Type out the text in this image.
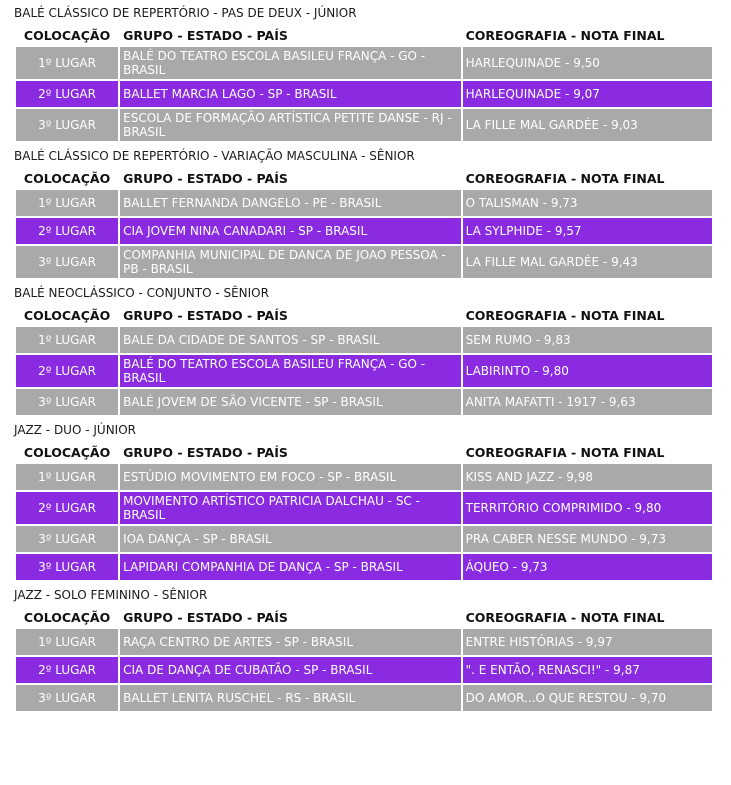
BALÉ CLÁSSICO DE REPERTÓRIO - PAS DE DEUX - JÚNIOR
COLOCAÇÃO	GRUPO - ESTADO - PAÍS	COREOGRAFIA - NOTA FINAL
1º LUGAR	BALÉ DO TEATRO ESCOLA BASILEU FRANÇA - GO - BRASIL	HARLEQUINADE - 9,50
2º LUGAR	BALLET MARCIA LAGO - SP - BRASIL	HARLEQUINADE - 9,07
3º LUGAR	ESCOLA DE FORMAÇÃO ARTÍSTICA PETITE DANSE - RJ - BRASIL	LA FILLE MAL GARDÉE - 9,03
BALÉ CLÁSSICO DE REPERTÓRIO - VARIAÇÃO MASCULINA - SÊNIOR
COLOCAÇÃO	GRUPO - ESTADO - PAÍS	COREOGRAFIA - NOTA FINAL
1º LUGAR	BALLET FERNANDA DANGELO - PE - BRASIL	O TALISMAN - 9,73
2º LUGAR	CIA JOVEM NINA CANADARI - SP - BRASIL	LA SYLPHIDE - 9,57
3º LUGAR	COMPANHIA MUNICIPAL DE DANCA DE JOAO PESSOA - PB - BRASIL	LA FILLE MAL GARDÉE - 9,43
BALÉ NEOCLÁSSICO - CONJUNTO - SÊNIOR
COLOCAÇÃO	GRUPO - ESTADO - PAÍS	COREOGRAFIA - NOTA FINAL
1º LUGAR	BALE DA CIDADE DE SANTOS - SP - BRASIL	SEM RUMO - 9,83
2º LUGAR	BALÉ DO TEATRO ESCOLA BASILEU FRANÇA - GO - BRASIL	LABIRINTO - 9,80
3º LUGAR	BALÉ JOVEM DE SÃO VICENTE - SP - BRASIL	ANITA MAFATTI - 1917 - 9,63
JAZZ - DUO - JÚNIOR
COLOCAÇÃO	GRUPO - ESTADO - PAÍS	COREOGRAFIA - NOTA FINAL
1º LUGAR	ESTÚDIO MOVIMENTO EM FOCO - SP - BRASIL	KISS AND JAZZ - 9,98
2º LUGAR	MOVIMENTO ARTÍSTICO PATRICIA DALCHAU - SC - BRASIL	TERRITÓRIO COMPRIMIDO - 9,80
3º LUGAR	IOA DANÇA - SP - BRASIL	PRA CABER NESSE MUNDO - 9,73
3º LUGAR	LAPIDARI COMPANHIA DE DANÇA - SP - BRASIL	ÁQUEO - 9,73
JAZZ - SOLO FEMININO - SÊNIOR
COLOCAÇÃO	GRUPO - ESTADO - PAÍS	COREOGRAFIA - NOTA FINAL
1º LUGAR	RAÇA CENTRO DE ARTES - SP - BRASIL	ENTRE HISTÓRIAS - 9,97
2º LUGAR	CIA DE DANÇA DE CUBATÃO - SP - BRASIL	". E ENTÃO, RENASCI!" - 9,87
3º LUGAR	BALLET LENITA RUSCHEL - RS - BRASIL	DO AMOR...O QUE RESTOU - 9,70
